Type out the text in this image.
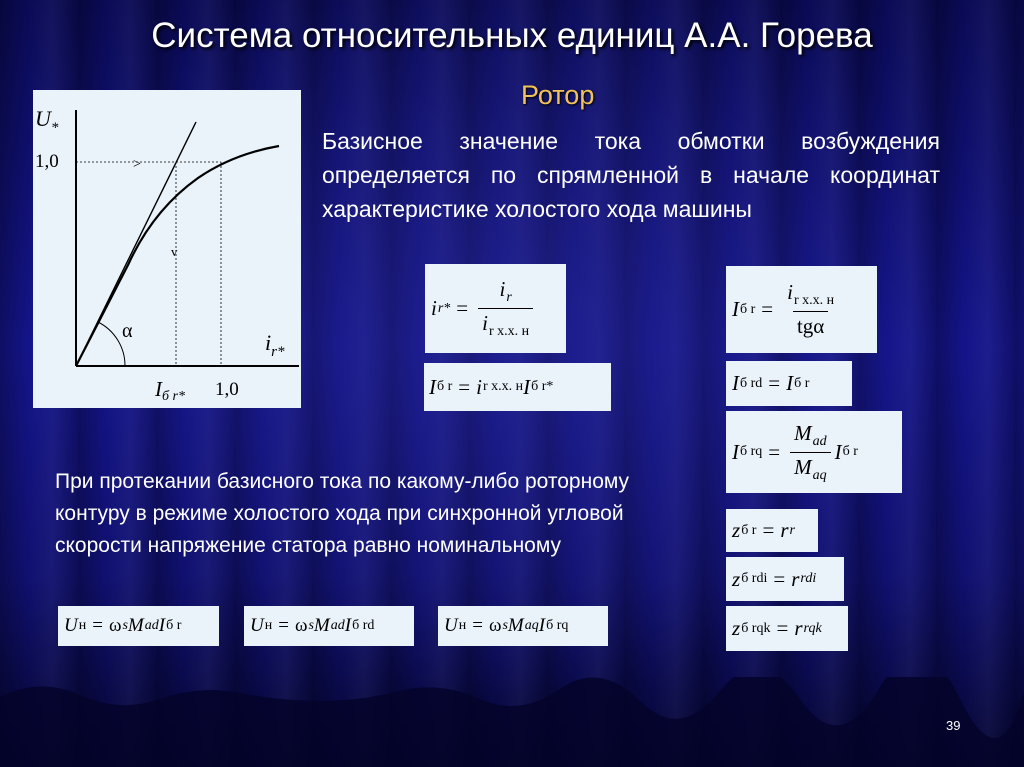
Система относительных единиц А.А. Горева
Ротор
Базисное значение тока обмотки возбуждения определяется по спрямленной в начале координат характеристике холостого хода машины
$U_*$
1,0	>
v
α	$i_{r*}$
Iб r* 1,0
i $r* = \frac{i_r}{i_{r х.х. н}}$
I б r = i r х.х. н I б r*
I б $r = \frac{i_{r х.х. н}}{\text{tgα}}$
I б rd = I б r
I б rq = $\frac{M_{ad}}{M_{aq}}$ I б r
z б r = r r
z б rdi = r rdi
z б rqk = r rqk
При протекании базисного тока по какому-либо роторному контуру в режиме холостого хода при синхронной угловой скорости напряжение статора равно номинальному
U н = ω s M ad I б r	U н = ω s M ad I б rd	U н = ω s M aq I б rq
39
